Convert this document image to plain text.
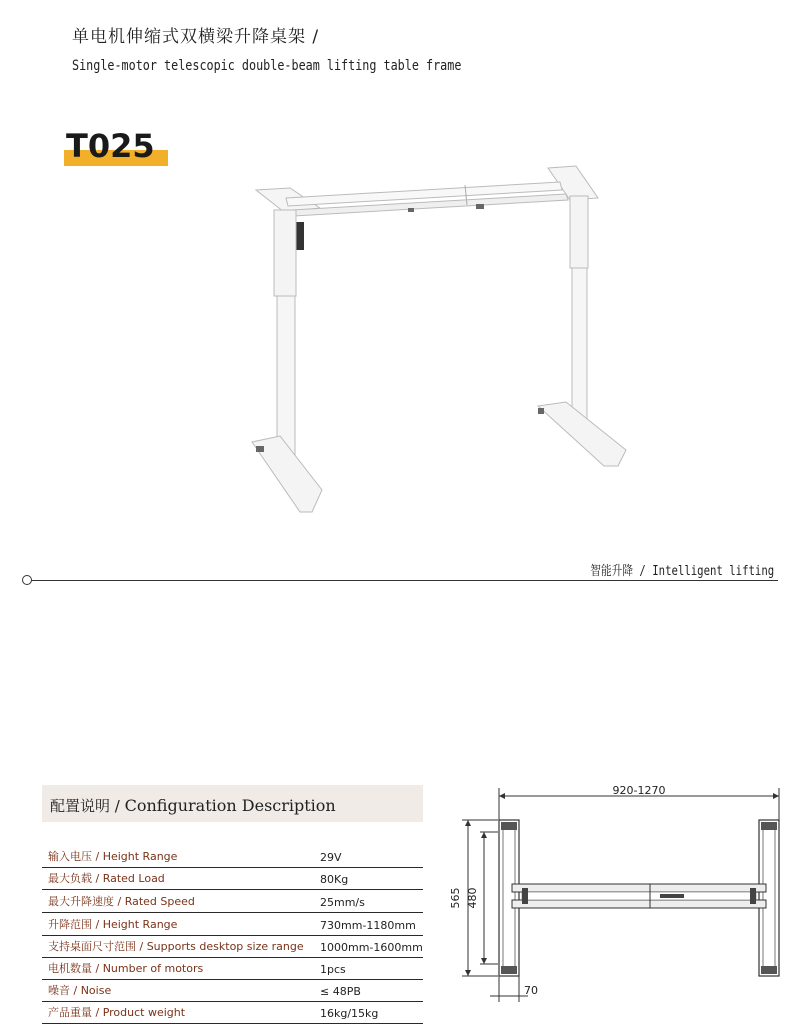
单电机伸缩式双横梁升降桌架 /
Single-motor telescopic double-beam lifting table frame
T025
智能升降 / Intelligent lifting
配置说明 / Configuration Description
输入电压 / Height Range	29V
最大负载 / Rated Load	80Kg
最大升降速度 / Rated Speed	25mm/s
升降范围 / Height Range	730mm-1180mm
支持桌面尺寸范围 / Supports desktop size range 1000mm-1600mm
电机数量 / Number of motors	1pcs
噪音 / Noise	≤ 48PB
产品重量 / Product weight	16kg/15kg
920-1270
565 480
70
